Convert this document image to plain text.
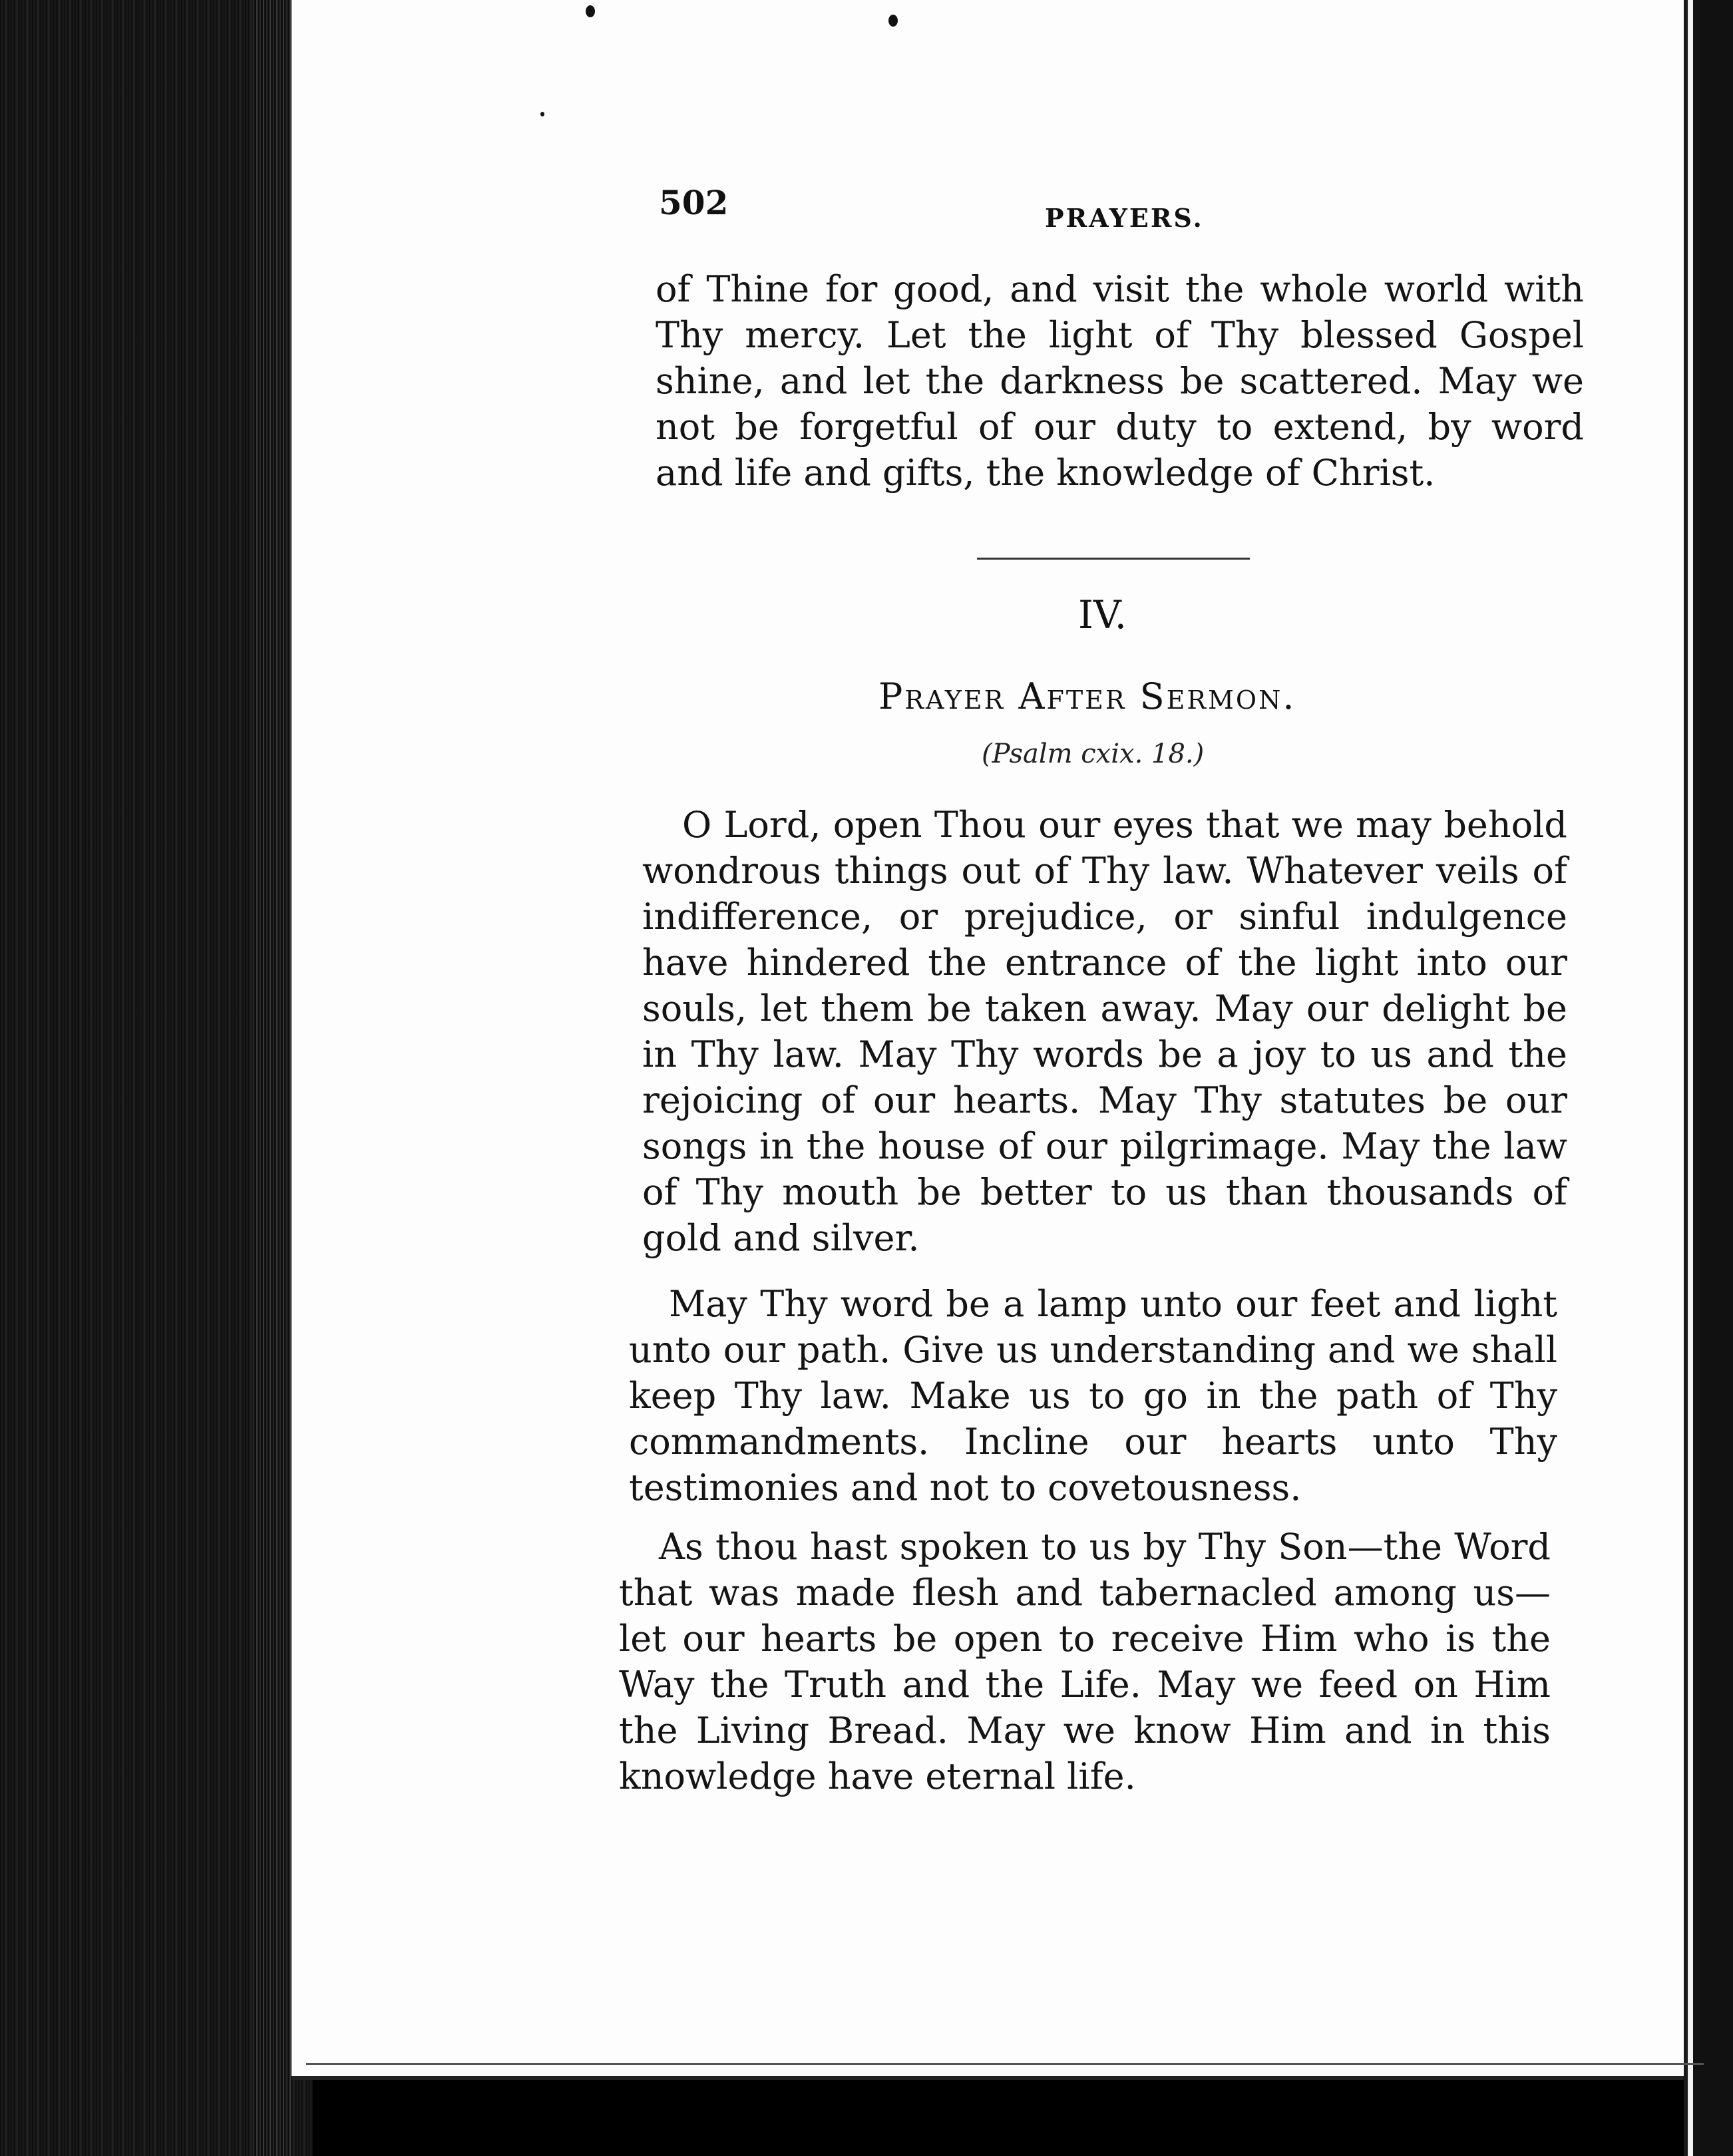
502	PRAYERS.
of Thine for good, and visit the whole world with Thy mercy. Let the light of Thy blessed Gospel shine, and let the darkness be scattered. May we not be forgetful of our duty to extend, by word and life and gifts, the knowledge of Christ.
IV.
Prayer After Sermon.
(Psalm cxix. 18.)
O Lord, open Thou our eyes that we may behold wondrous things out of Thy law. Whatever veils of indifference, or prejudice, or sinful indulgence have hindered the entrance of the light into our souls, let them be taken away. May our delight be in Thy law. May Thy words be a joy to us and the rejoicing of our hearts. May Thy statutes be our songs in the house of our pilgrimage. May the law of Thy mouth be better to us than thousands of gold and silver.
May Thy word be a lamp unto our feet and light unto our path. Give us understanding and we shall keep Thy law. Make us to go in the path of Thy commandments. Incline our hearts unto Thy testimonies and not to covetousness.
As thou hast spoken to us by Thy Son—the Word that was made flesh and tabernacled among us—let our hearts be open to receive Him who is the Way the Truth and the Life. May we feed on Him the Living Bread. May we know Him and in this knowledge have eternal life.
